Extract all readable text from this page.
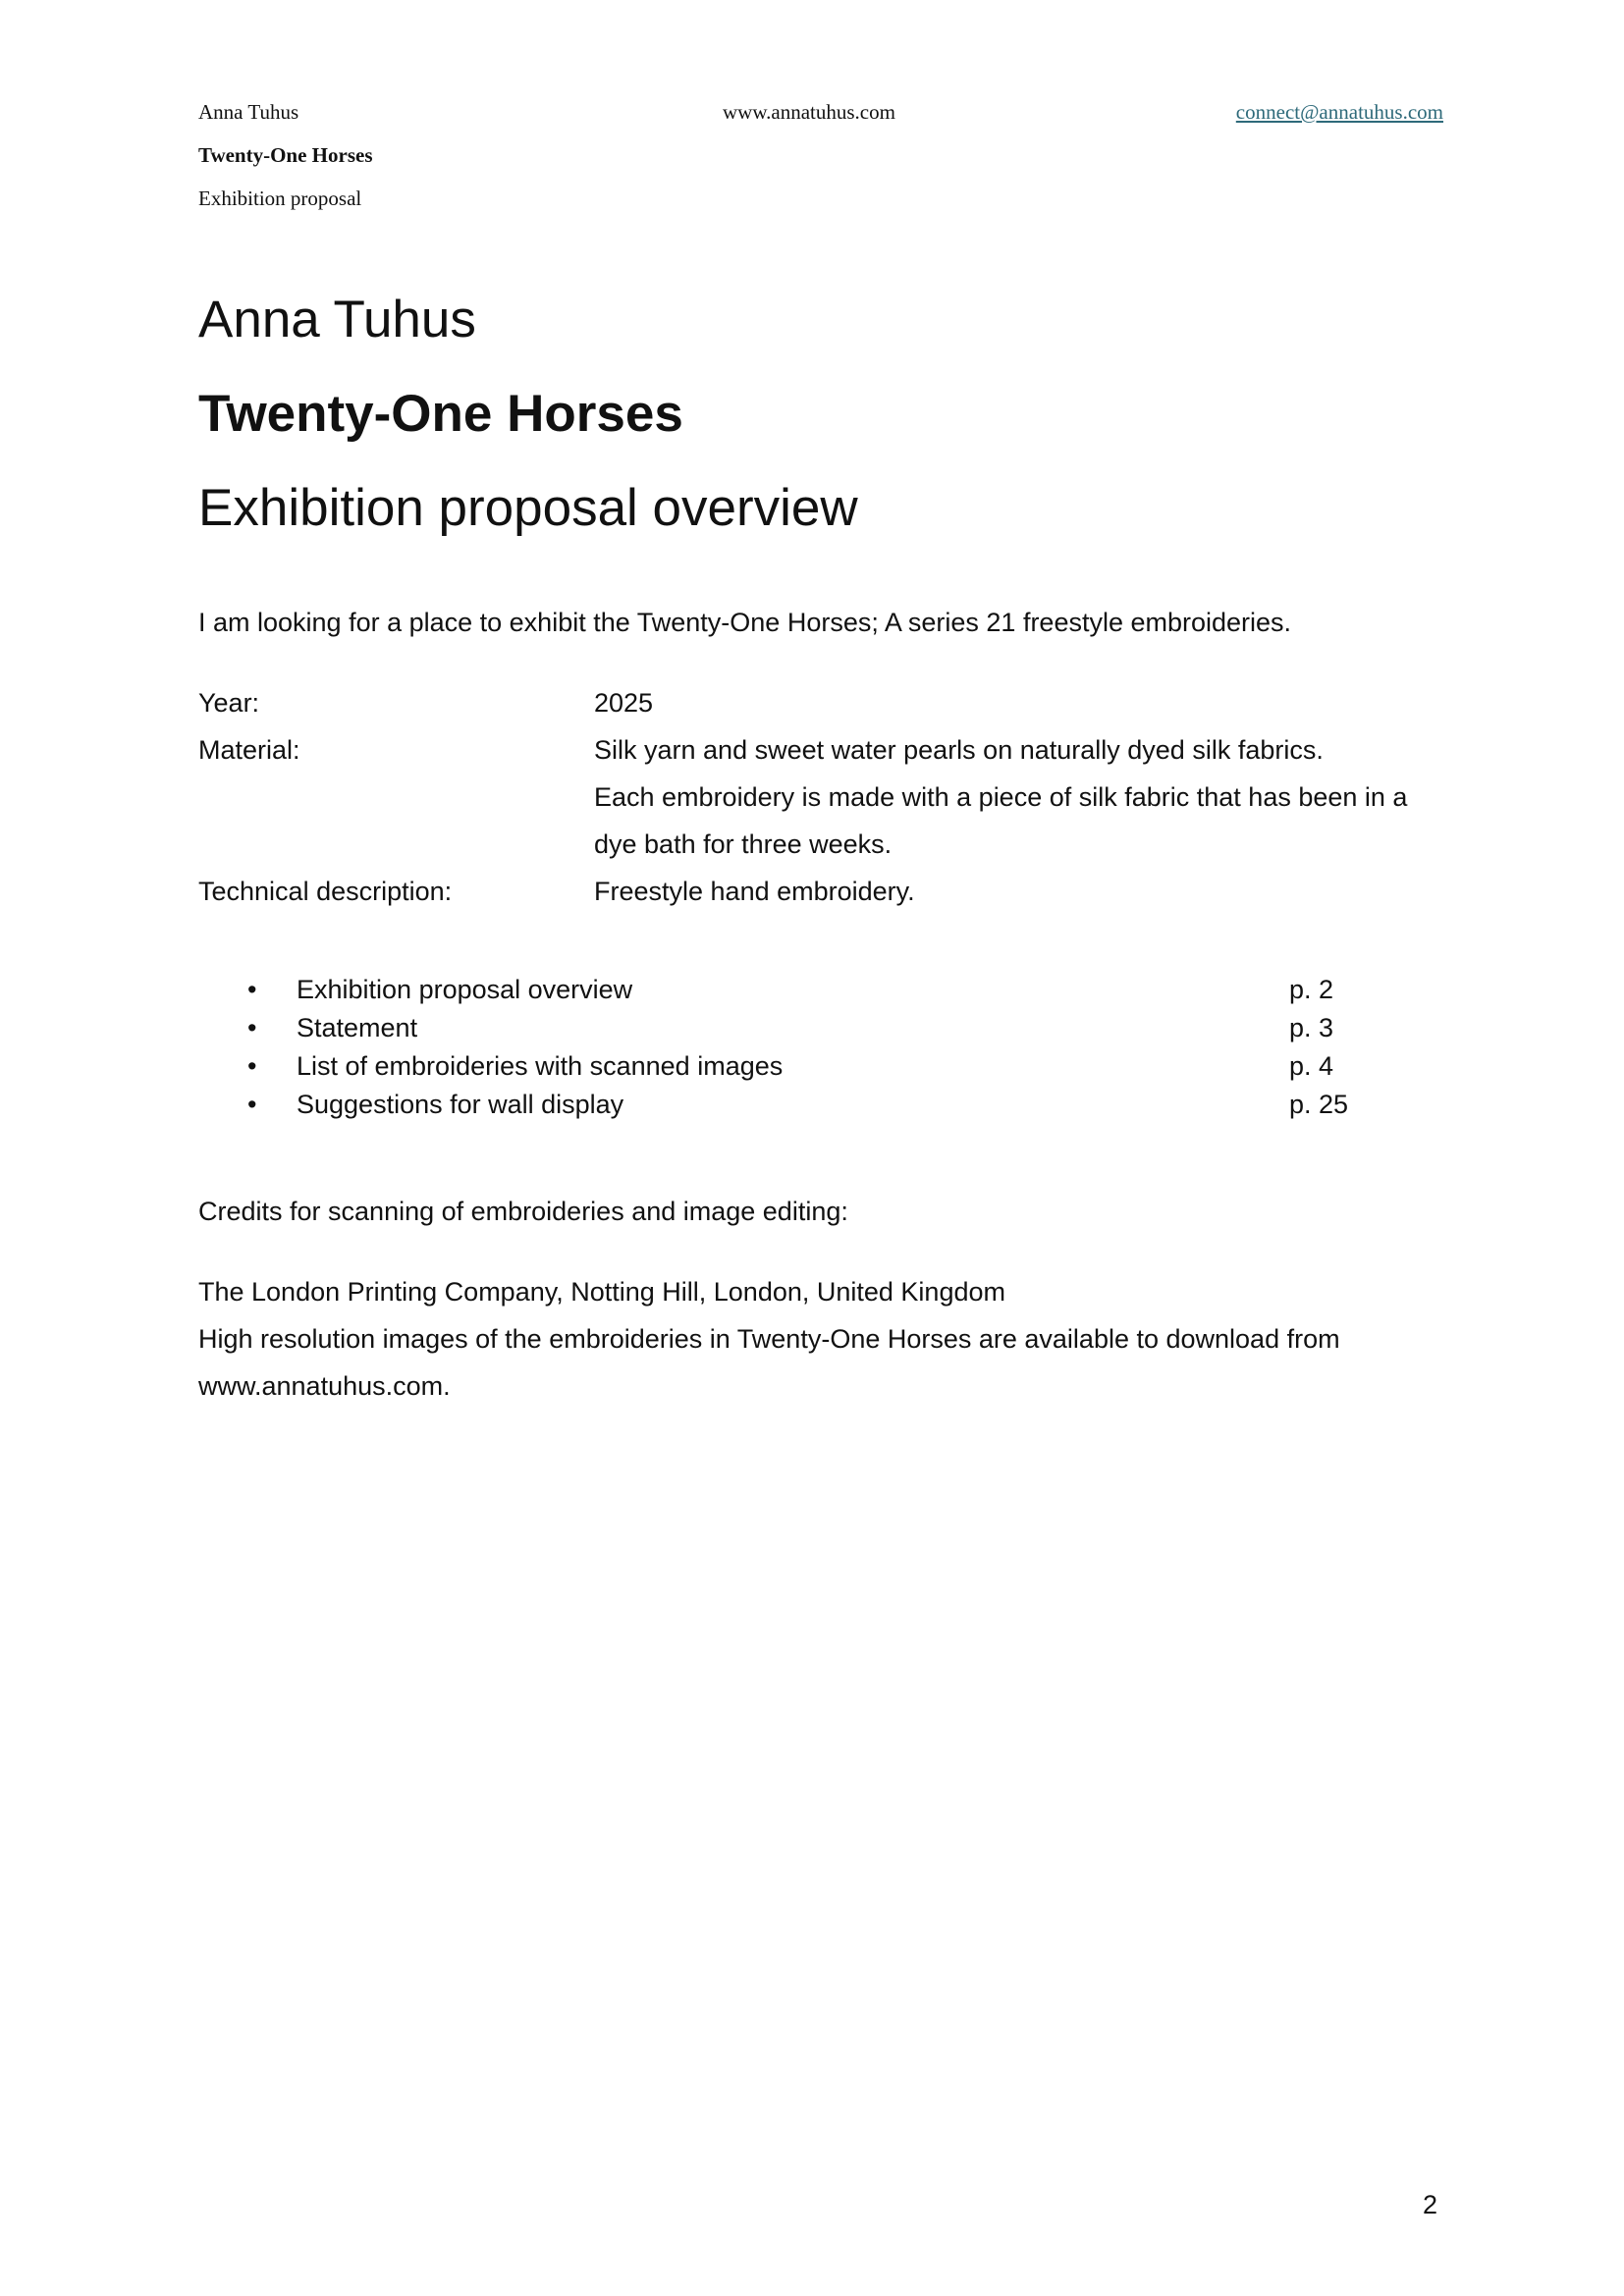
Anna Tuhus	www.annatuhus.com	connect@annatuhus.com
Twenty-One Horses
Exhibition proposal
Anna Tuhus
Twenty-One Horses
Exhibition proposal overview
I am looking for a place to exhibit the Twenty-One Horses; A series 21 freestyle embroideries.
Year:	2025
Material:	Silk yarn and sweet water pearls on naturally dyed silk fabrics.
Each embroidery is made with a piece of silk fabric that has been in a
dye bath for three weeks.
Technical description:	Freestyle hand embroidery.
• Exhibition proposal overview	p. 2
• Statement	p. 3
• List of embroideries with scanned images	p. 4
• Suggestions for wall display	p. 25
Credits for scanning of embroideries and image editing:
The London Printing Company, Notting Hill, London, United Kingdom
High resolution images of the embroideries in Twenty-One Horses are available to download from
www.annatuhus.com.
2
